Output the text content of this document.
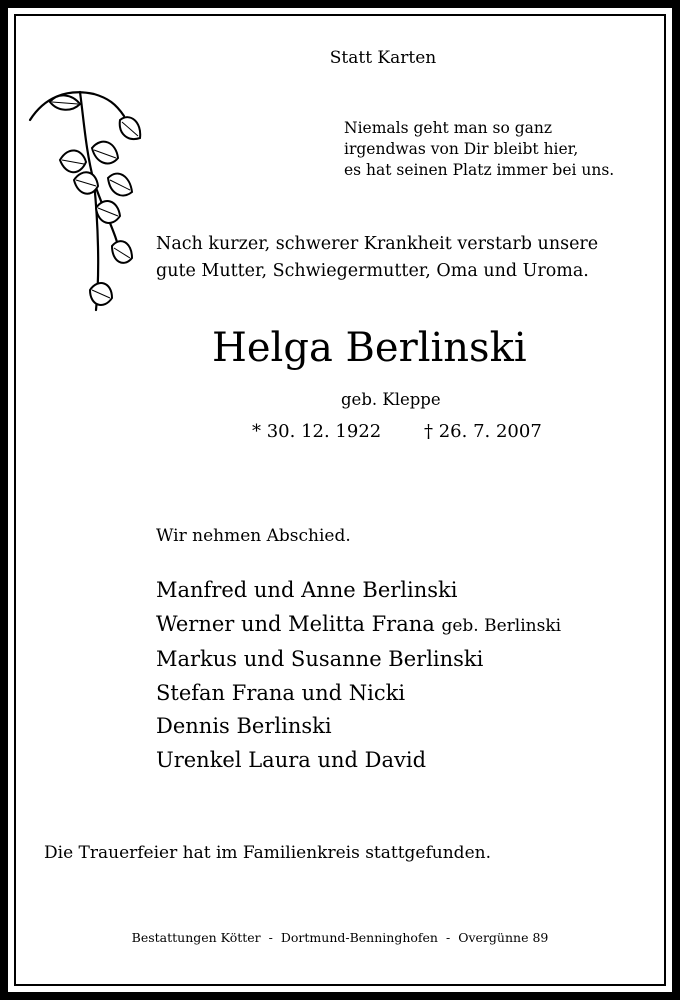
Statt Karten
Niemals geht man so ganz
irgendwas von Dir bleibt hier,
es hat seinen Platz immer bei uns.
Nach kurzer, schwerer Krankheit verstarb unsere
gute Mutter, Schwiegermutter, Oma und Uroma.
Helga Berlinski
geb. Kleppe
* 30. 12. 1922 † 26. 7. 2007
Wir nehmen Abschied.
Manfred und Anne Berlinski
Werner und Melitta Frana geb. Berlinski
Markus und Susanne Berlinski
Stefan Frana und Nicki
Dennis Berlinski
Urenkel Laura und David
Die Trauerfeier hat im Familienkreis stattgefunden.
Bestattungen Kötter - Dortmund-Benninghofen - Overgünne 89
